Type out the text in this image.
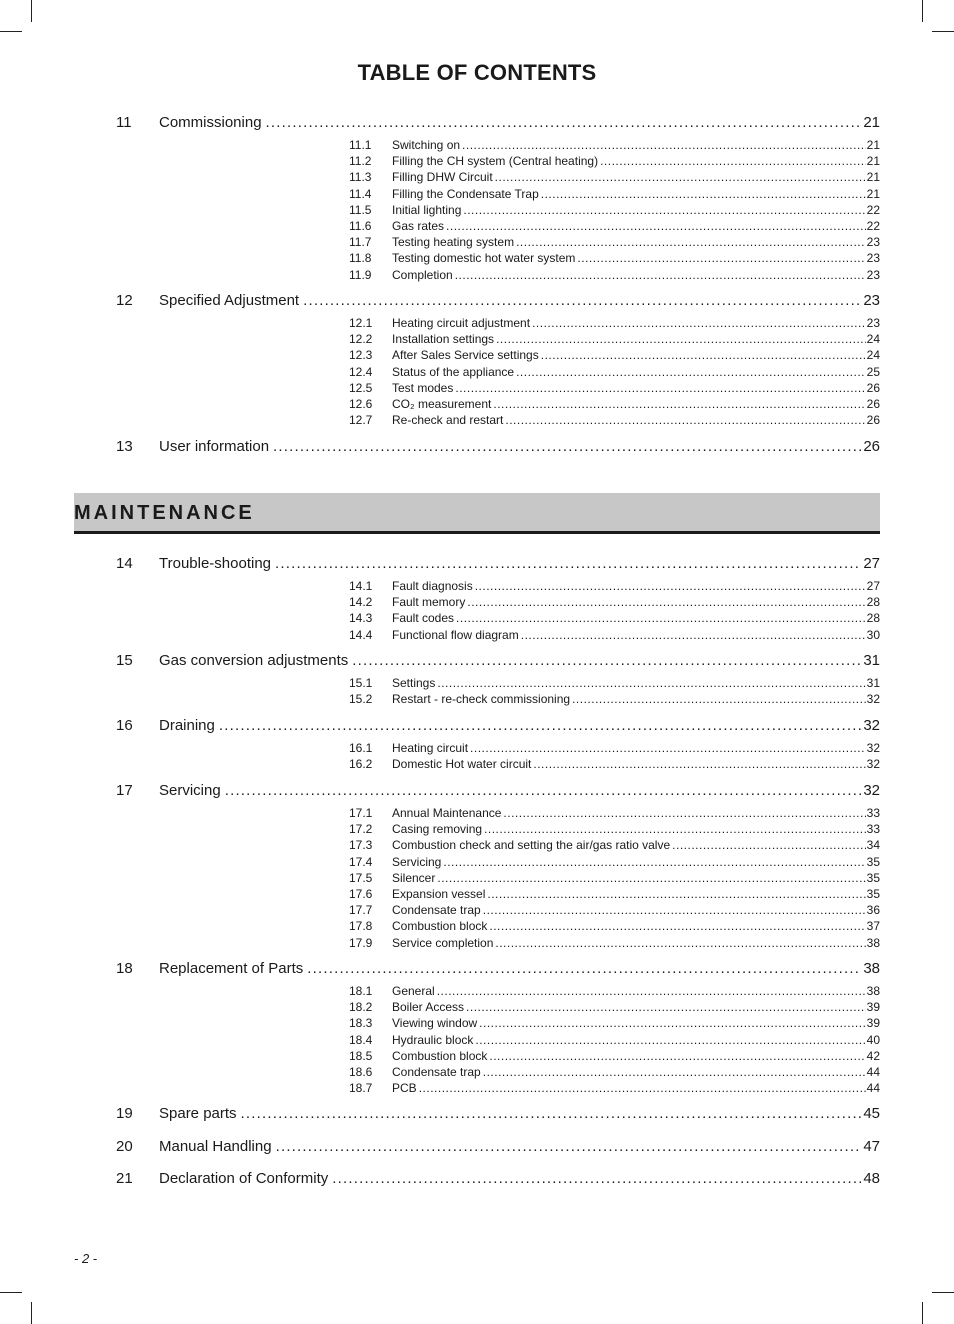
TABLE OF CONTENTS
MAINTENANCE
11	Commissioning .....	21
11.1	Switching on .....	21
11.2	Filling the CH system (Central heating) .....	21
11.3	Filling DHW Circuit .....	21
11.4	Filling the Condensate Trap .....	21
11.5	Initial lighting .....	22
11.6	Gas rates .....	22
11.7	Testing heating system .....	23
11.8	Testing domestic hot water system .....	23
11.9	Completion .....	23
12	Specified Adjustment .....	23
12.1	Heating circuit adjustment .....	23
12.2	Installation settings .....	24
12.3	After Sales Service settings .....	24
12.4	Status of the appliance .....	25
12.5	Test modes .....	26
12.6	CO₂ measurement .....	26
12.7	Re-check and restart .....	26
13	User information .....	26
14	Trouble-shooting .....	27
14.1	Fault diagnosis .....	27
14.2	Fault memory .....	28
14.3	Fault codes .....	28
14.4	Functional flow diagram .....	30
15	Gas conversion adjustments .....	31
15.1	Settings .....	31
15.2	Restart - re-check commissioning .....	32
16	Draining .....	32
16.1	Heating circuit .....	32
16.2	Domestic Hot water circuit .....	32
17	Servicing .....	32
17.1	Annual Maintenance .....	33
17.2	Casing removing .....	33
17.3	Combustion check and setting the air/gas ratio valve .....	34
17.4	Servicing .....	35
17.5	Silencer .....	35
17.6	Expansion vessel .....	35
17.7	Condensate trap .....	36
17.8	Combustion block .....	37
17.9	Service completion .....	38
18	Replacement of Parts .....	38
18.1	General .....	38
18.2	Boiler Access .....	39
18.3	Viewing window .....	39
18.4	Hydraulic block .....	40
18.5	Combustion block .....	42
18.6	Condensate trap .....	44
18.7	PCB .....	44
19	Spare parts .....	45
20	Manual Handling .....	47
21	Declaration of Conformity .....	48
- 2 -
